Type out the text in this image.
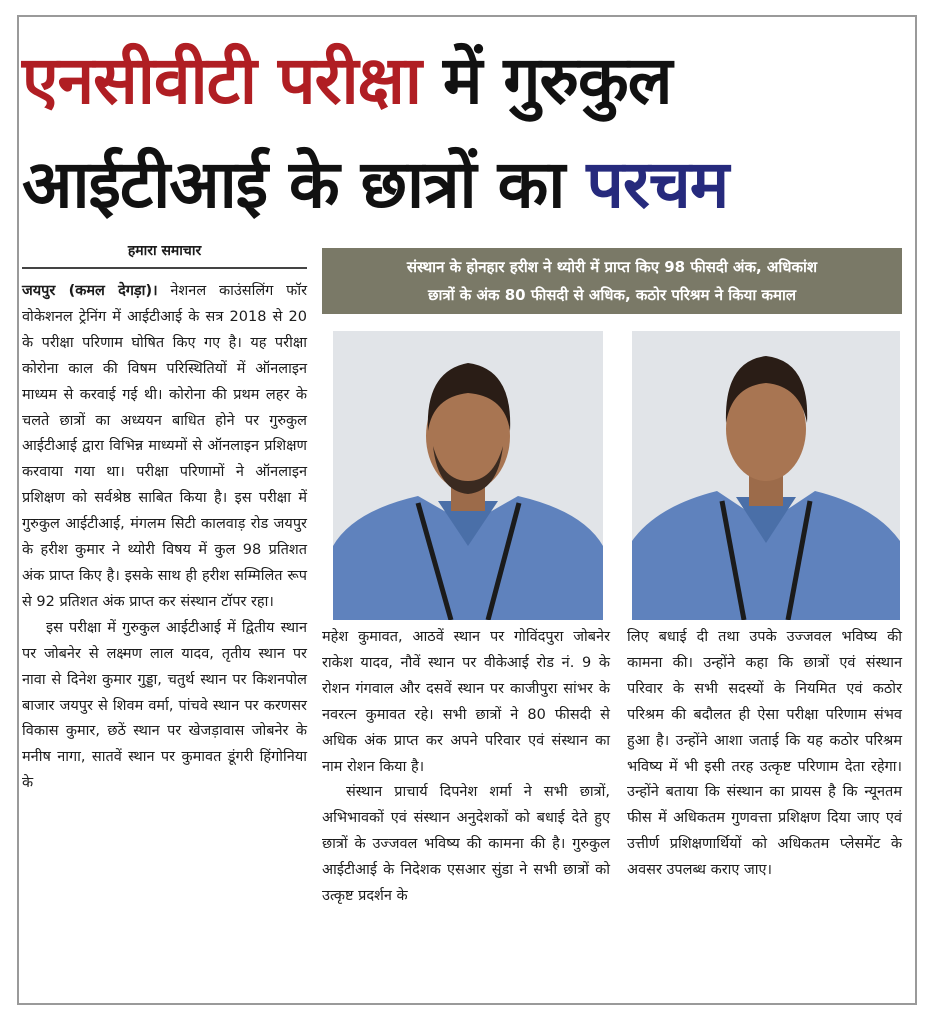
एनसीवीटी परीक्षा में गुरुकुल
आईटीआई के छात्रों का परचम
हमारा समाचार

जयपुर (कमल देगड़ा)। नेशनल काउंसलिंग फॉर वोकेशनल ट्रेनिंग में आईटीआई के सत्र 2018 से 20 के परीक्षा परिणाम घोषित किए गए है। यह परीक्षा कोरोना काल की विषम परिस्थितियों में ऑनलाइन माध्यम से करवाई गई थी। कोरोना की प्रथम लहर के चलते छात्रों का अध्ययन बाधित होने पर गुरुकुल आईटीआई द्वारा विभिन्न माध्यमों से ऑनलाइन प्रशिक्षण करवाया गया था। परीक्षा परिणामों ने ऑनलाइन प्रशिक्षण को सर्वश्रेष्ठ साबित किया है। इस परीक्षा में गुरुकुल आईटीआई, मंगलम सिटी कालवाड़ रोड जयपुर के हरीश कुमार ने थ्योरी विषय में कुल 98 प्रतिशत अंक प्राप्त किए है। इसके साथ ही हरीश सम्मिलित रूप से 92 प्रतिशत अंक प्राप्त कर संस्थान टॉपर रहा।

इस परीक्षा में गुरुकुल आईटीआई में द्वितीय स्थान पर जोबनेर से लक्ष्मण लाल यादव, तृतीय स्थान पर नावा से दिनेश कुमार गुड्डा, चतुर्थ स्थान पर किशनपोल बाजार जयपुर से शिवम वर्मा, पांचवे स्थान पर करणसर विकास कुमार, छठें स्थान पर खेजड़ावास जोबनेर के मनीष नागा, सातवें स्थान पर कुमावत डूंगरी हिंगोनिया के

संस्थान के होनहार हरीश ने थ्योरी में प्राप्त किए 98 फीसदी अंक, अधिकांश
छात्रों के अंक 80 फीसदी से अधिक, कठोर परिश्रम ने किया कमाल

महेश कुमावत, आठवें स्थान पर गोविंदपुरा जोबनेर राकेश यादव, नौवें स्थान पर वीकेआई रोड नं. 9 के रोशन गंगवाल और दसवें स्थान पर काजीपुरा सांभर के नवरत्न कुमावत रहे। सभी छात्रों ने 80 फीसदी से अधिक अंक प्राप्त कर अपने परिवार एवं संस्थान का नाम रोशन किया है।

संस्थान प्राचार्य दिपनेश शर्मा ने सभी छात्रों, अभिभावकों एवं संस्थान अनुदेशकों को बधाई देते हुए छात्रों के उज्जवल भविष्य की कामना की है। गुरुकुल आईटीआई के निदेशक एसआर सुंडा ने सभी छात्रों को उत्कृष्ट प्रदर्शन के

लिए बधाई दी तथा उपके उज्जवल भविष्य की कामना की। उन्होंने कहा कि छात्रों एवं संस्थान परिवार के सभी सदस्यों के नियमित एवं कठोर परिश्रम की बदौलत ही ऐसा परीक्षा परिणाम संभव हुआ है। उन्होंने आशा जताई कि यह कठोर परिश्रम भविष्य में भी इसी तरह उत्कृष्ट परिणाम देता रहेगा। उन्होंने बताया कि संस्थान का प्रायस है कि न्यूनतम फीस में अधिकतम गुणवत्ता प्रशिक्षण दिया जाए एवं उत्तीर्ण प्रशिक्षणार्थियों को अधिकतम प्लेसमेंट के अवसर उपलब्ध कराए जाए।
